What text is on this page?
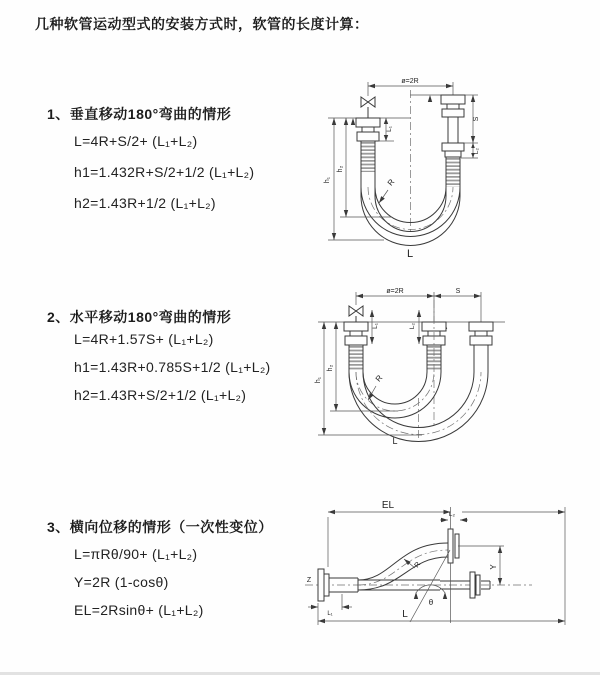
几种软管运动型式的安装方式时，软管的长度计算：
1、垂直移动180°弯曲的情形
L=4R+S/2+ (L₁+L₂)
h1=1.432R+S/2+1/2 (L₁+L₂)
h2=1.43R+1/2 (L₁+L₂)
2、水平移动180°弯曲的情形
L=4R+1.57S+ (L₁+L₂)
h1=1.43R+0.785S+1/2 (L₁+L₂)
h2=1.43R+S/2+1/2 (L₁+L₂)
3、横向位移的情形（一次性变位）
L=πRθ/90+ (L₁+L₂)
Y=2R (1-cosθ)
EL=2Rsinθ+ (L₁+L₂)
ø=2R
h₁
h₂
L₁
S
L₂
R
L
ø=2R	S
L₁	L₂
h₁
h₂
R
L
Z
θ
R
EL
L₂
Y
L₁	L
